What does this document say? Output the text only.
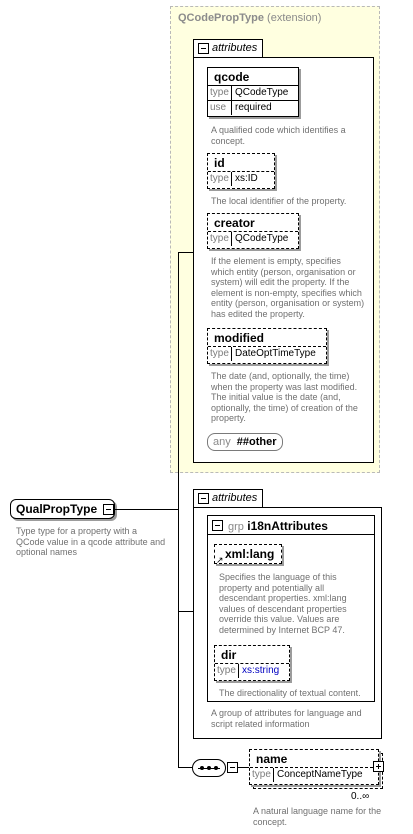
QCodePropType (extension)
attributes
qcode
type QCodeType
use required
A qualified code which identifies a concept.
id
type xs:ID
The local identifier of the property.
creator
type QCodeType
If the element is empty, specifies which entity (person, organisation or system) will edit the property. If the element is non-empty, specifies which entity (person, organisation or system) has edited the property.
modified
type DateOptTimeType
The date (and, optionally, the time) when the property was last modified. The initial value is the date (and, optionally, the time) of creation of the property.
any ##other
attributes
grp i18nAttributes
xml:lang
↗
Specifies the language of this property and potentially all descendant properties. xml:lang values of descendant properties override this value. Values are determined by Internet BCP 47.
dir
type xs:string
The directionality of textual content.
A group of attributes for language and script related information
QualPropType
Type type for a property with a QCode value in a qcode attribute and optional names
name
type ConceptNameType
0..∞
A natural language name for the concept.
